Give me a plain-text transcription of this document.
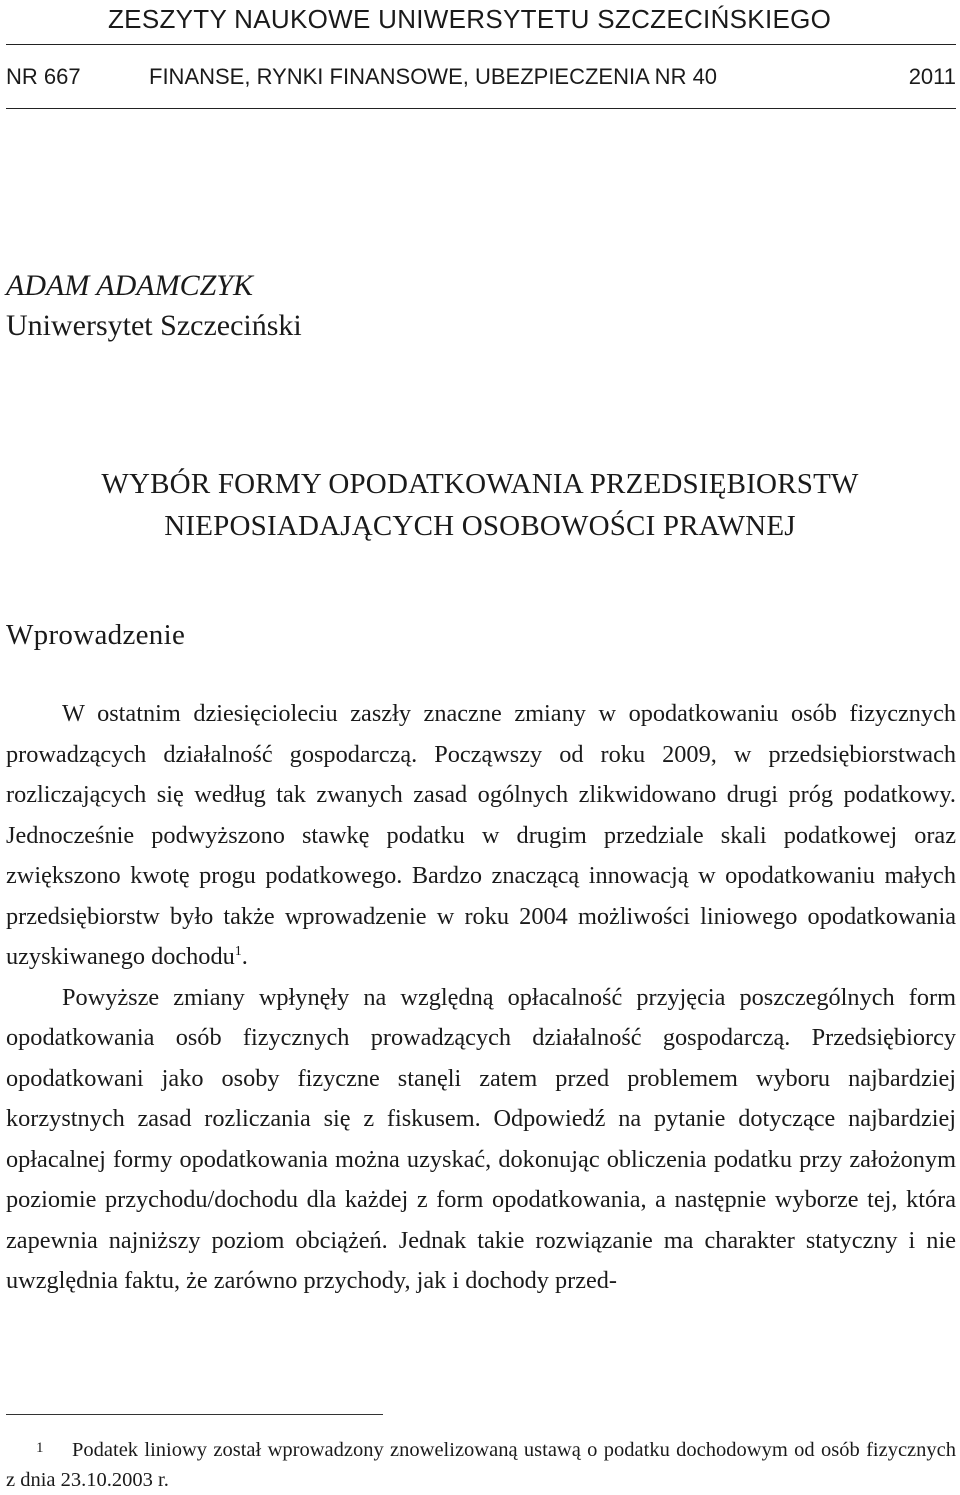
ZESZYTY NAUKOWE UNIWERSYTETU SZCZECIŃSKIEGO
NR 667	FINANSE, RYNKI FINANSOWE, UBEZPIECZENIA NR 40	2011
ADAM ADAMCZYK
Uniwersytet Szczeciński
WYBÓR FORMY OPODATKOWANIA PRZEDSIĘBIORSTW
NIEPOSIADAJĄCYCH OSOBOWOŚCI PRAWNEJ
Wprowadzenie

W ostatnim dziesięcioleciu zaszły znaczne zmiany w opodatkowaniu osób fizycznych prowadzących działalność gospodarczą. Począwszy od roku 2009, w przedsiębiorstwach rozliczających się według tak zwanych zasad ogólnych zlikwidowano drugi próg podatkowy. Jednocześnie podwyższono stawkę podatku w drugim przedziale skali podatkowej oraz zwiększono kwotę progu podatkowego. Bardzo znaczącą innowacją w opodatkowaniu małych przedsiębiorstw było także wprowadzenie w roku 2004 możliwości liniowego opodatkowania uzyskiwanego dochodu$^1$.

Powyższe zmiany wpłynęły na względną opłacalność przyjęcia poszczególnych form opodatkowania osób fizycznych prowadzących działalność gospodarczą. Przedsiębiorcy opodatkowani jako osoby fizyczne stanęli zatem przed problemem wyboru najbardziej korzystnych zasad rozliczania się z fiskusem. Odpowiedź na pytanie dotyczące najbardziej opłacalnej formy opodatkowania można uzyskać, dokonując obliczenia podatku przy założonym poziomie przychodu/dochodu dla każdej z form opodatkowania, a następnie wyborze tej, która zapewnia najniższy poziom obciążeń. Jednak takie rozwiązanie ma charakter statyczny i nie uwzględnia faktu, że zarówno przychody, jak i dochody przed-

1 Podatek liniowy został wprowadzony znowelizowaną ustawą o podatku dochodowym od osób fizycznych z dnia 23.10.2003 r.
